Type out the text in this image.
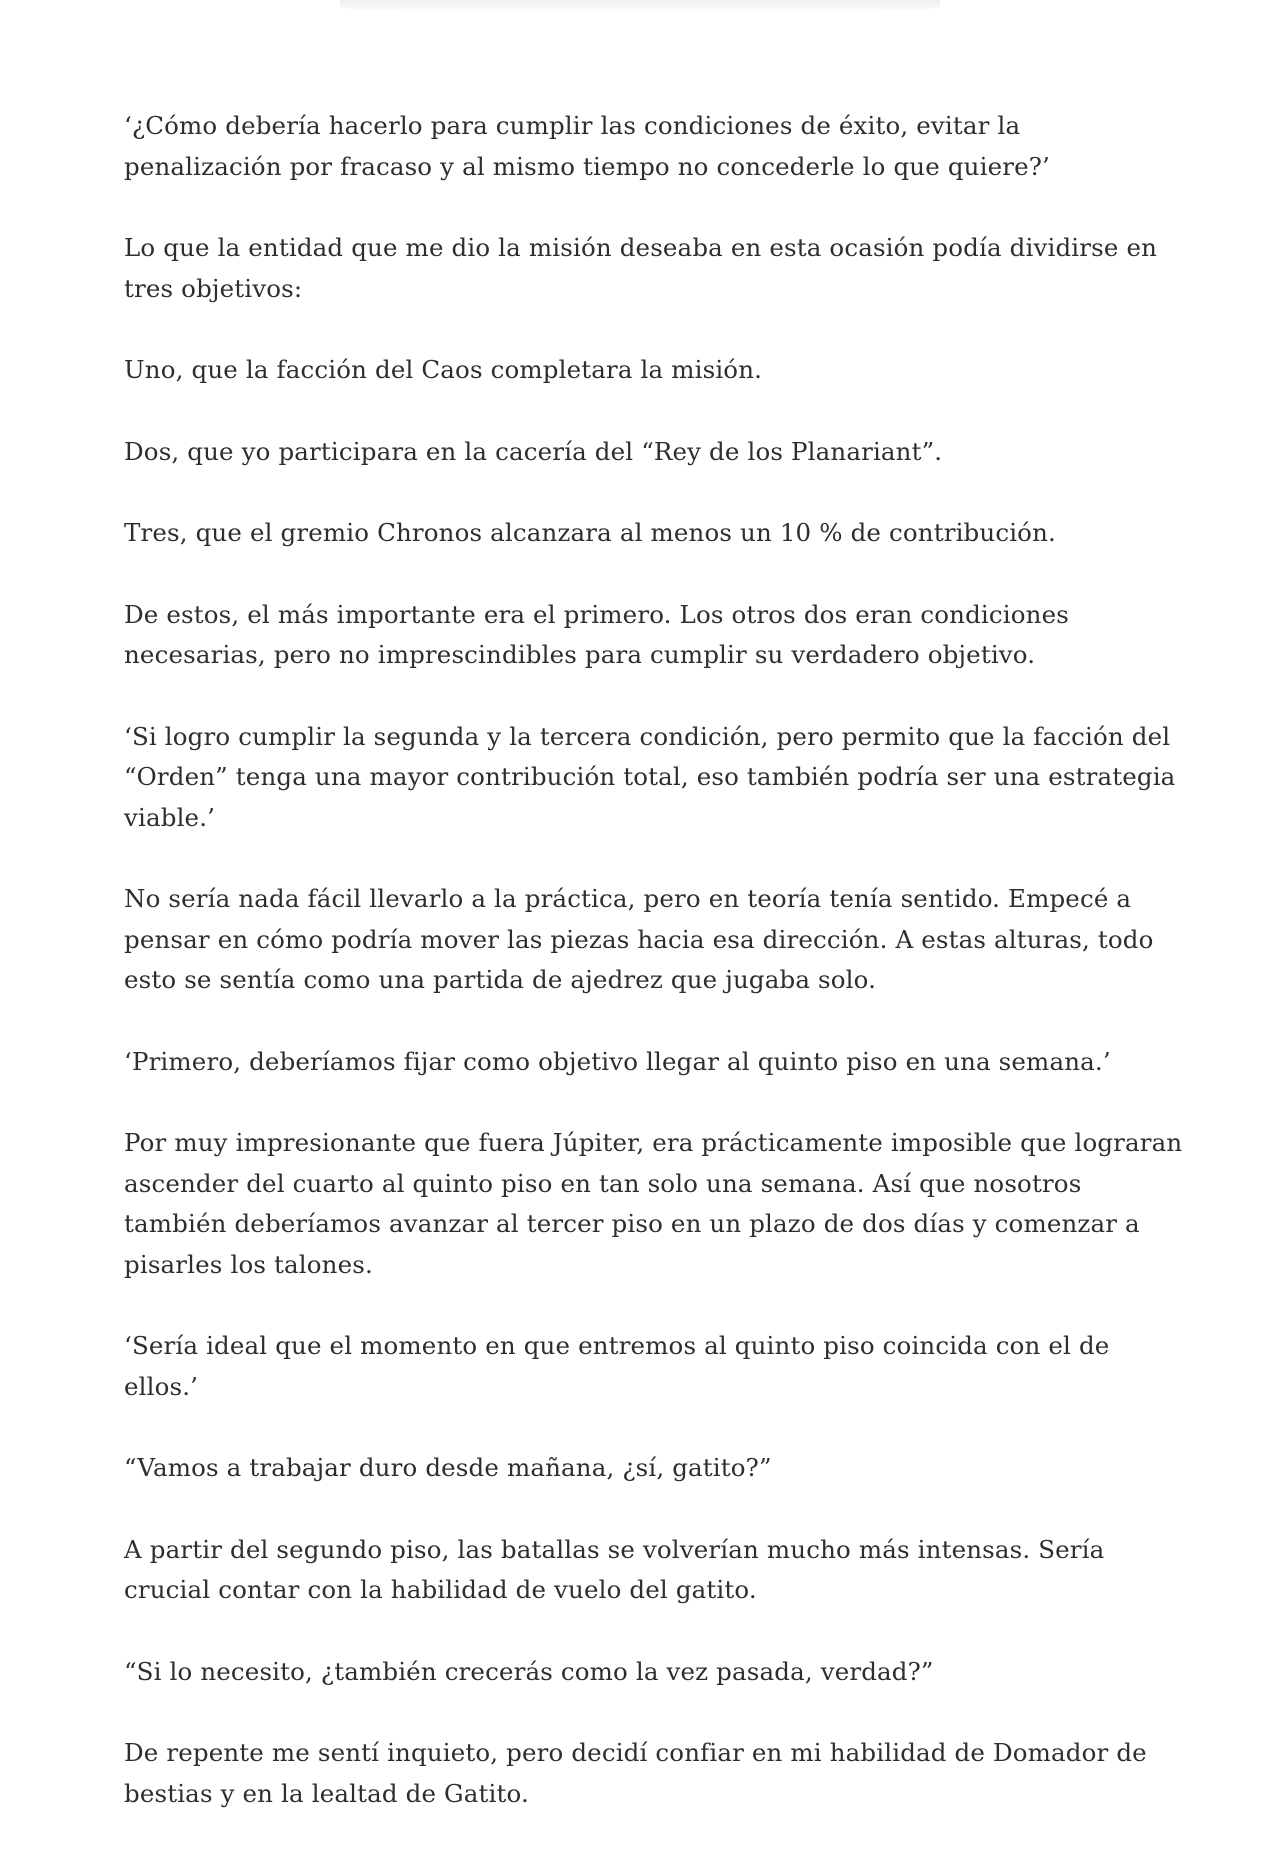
‘¿Cómo debería hacerlo para cumplir las condiciones de éxito, evitar la penalización por fracaso y al mismo tiempo no concederle lo que quiere?’

Lo que la entidad que me dio la misión deseaba en esta ocasión podía dividirse en tres objetivos:

Uno, que la facción del Caos completara la misión.

Dos, que yo participara en la cacería del “Rey de los Planariant”.

Tres, que el gremio Chronos alcanzara al menos un 10 % de contribución.

De estos, el más importante era el primero. Los otros dos eran condiciones necesarias, pero no imprescindibles para cumplir su verdadero objetivo.

‘Si logro cumplir la segunda y la tercera condición, pero permito que la facción del “Orden” tenga una mayor contribución total, eso también podría ser una estrategia viable.’

No sería nada fácil llevarlo a la práctica, pero en teoría tenía sentido. Empecé a pensar en cómo podría mover las piezas hacia esa dirección. A estas alturas, todo esto se sentía como una partida de ajedrez que jugaba solo.

‘Primero, deberíamos fijar como objetivo llegar al quinto piso en una semana.’

Por muy impresionante que fuera Júpiter, era prácticamente imposible que lograran ascender del cuarto al quinto piso en tan solo una semana. Así que nosotros también deberíamos avanzar al tercer piso en un plazo de dos días y comenzar a pisarles los talones.

‘Sería ideal que el momento en que entremos al quinto piso coincida con el de ellos.’

“Vamos a trabajar duro desde mañana, ¿sí, gatito?”

A partir del segundo piso, las batallas se volverían mucho más intensas. Sería crucial contar con la habilidad de vuelo del gatito.

“Si lo necesito, ¿también crecerás como la vez pasada, verdad?”

De repente me sentí inquieto, pero decidí confiar en mi habilidad de Domador de bestias y en la lealtad de Gatito.
